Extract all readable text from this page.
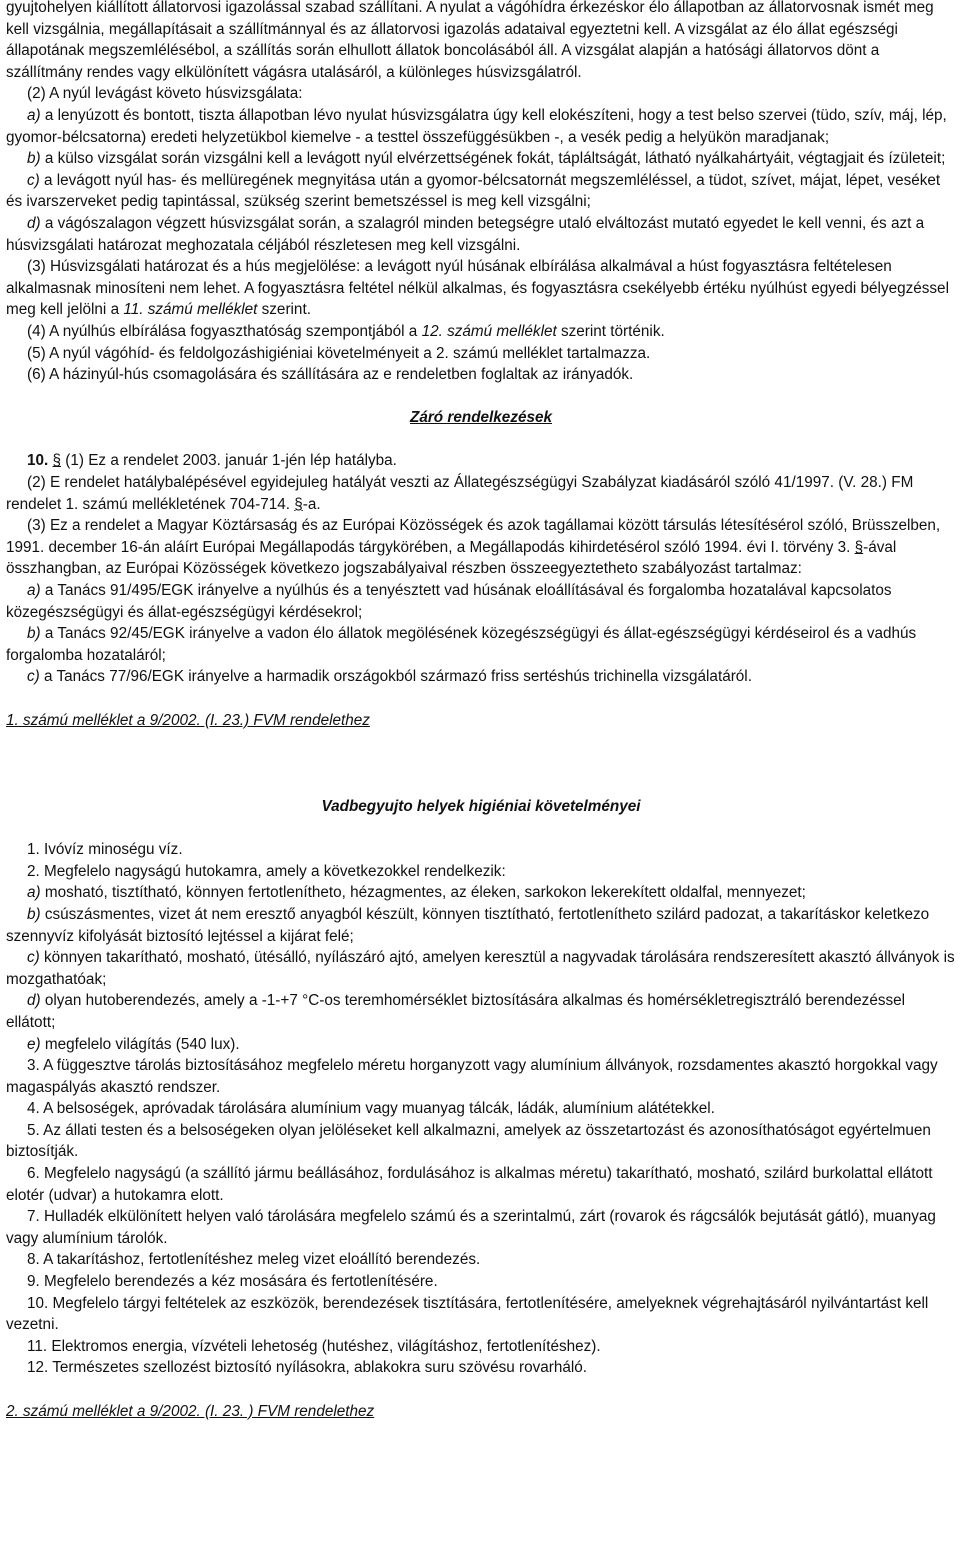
gyujtohelyen kiállított állatorvosi igazolással szabad szállítani. A nyulat a vágóhídra érkezéskor élo állapotban az állatorvosnak ismét meg kell vizsgálnia, megállapításait a szállítmánnyal és az állatorvosi igazolás adataival egyeztetni kell. A vizsgálat az élo állat egészségi állapotának megszemlélésébol, a szállítás során elhullott állatok boncolásából áll. A vizsgálat alapján a hatósági állatorvos dönt a szállítmány rendes vagy elkülönített vágásra utalásáról, a különleges húsvizsgálatról.

(2) A nyúl levágást követo húsvizsgálata:

a) a lenyúzott és bontott, tiszta állapotban lévo nyulat húsvizsgálatra úgy kell elokészíteni, hogy a test belso szervei (tüdo, szív, máj, lép, gyomor-bélcsatorna) eredeti helyzetükbol kiemelve - a testtel összefüggésükben -, a vesék pedig a helyükön maradjanak;

b) a külso vizsgálat során vizsgálni kell a levágott nyúl elvérzettségének fokát, tápláltságát, látható nyálkahártyáit, végtagjait és ízületeit;

c) a levágott nyúl has- és mellüregének megnyitása után a gyomor-bélcsatornát megszemléléssel, a tüdot, szívet, májat, lépet, veséket és ivarszerveket pedig tapintással, szükség szerint bemetszéssel is meg kell vizsgálni;

d) a vágószalagon végzett húsvizsgálat során, a szalagról minden betegségre utaló elváltozást mutató egyedet le kell venni, és azt a húsvizsgálati határozat meghozatala céljából részletesen meg kell vizsgálni.

(3) Húsvizsgálati határozat és a hús megjelölése: a levágott nyúl húsának elbírálása alkalmával a húst fogyasztásra feltételesen alkalmasnak minosíteni nem lehet. A fogyasztásra feltétel nélkül alkalmas, és fogyasztásra csekélyebb értéku nyúlhúst egyedi bélyegzéssel meg kell jelölni a 11. számú melléklet szerint.

(4) A nyúlhús elbírálása fogyaszthatóság szempontjából a 12. számú melléklet szerint történik.

(5) A nyúl vágóhíd- és feldolgozáshigiéniai követelményeit a 2. számú melléklet tartalmazza.

(6) A házinyúl-hús csomagolására és szállítására az e rendeletben foglaltak az irányadók.

Záró rendelkezések

10. § (1) Ez a rendelet 2003. január 1-jén lép hatályba.

(2) E rendelet hatálybalépésével egyidejuleg hatályát veszti az Állategészségügyi Szabályzat kiadásáról szóló 41/1997. (V. 28.) FM rendelet 1. számú mellékletének 704-714. §-a.

(3) Ez a rendelet a Magyar Köztársaság és az Európai Közösségek és azok tagállamai között társulás létesítésérol szóló, Brüsszelben, 1991. december 16-án aláírt Európai Megállapodás tárgykörében, a Megállapodás kihirdetésérol szóló 1994. évi I. törvény 3. §-ával összhangban, az Európai Közösségek következo jogszabályaival részben összeegyeztetheto szabályozást tartalmaz:

a) a Tanács 91/495/EGK irányelve a nyúlhús és a tenyésztett vad húsának eloállításával és forgalomba hozatalával kapcsolatos közegészségügyi és állat-egészségügyi kérdésekrol;

b) a Tanács 92/45/EGK irányelve a vadon élo állatok megölésének közegészségügyi és állat-egészségügyi kérdéseirol és a vadhús forgalomba hozataláról;

c) a Tanács 77/96/EGK irányelve a harmadik országokból származó friss sertéshús trichinella vizsgálatáról.

1. számú melléklet a 9/2002. (I. 23.) FVM rendelethez

Vadbegyujto helyek higiéniai követelményei

1. Ivóvíz minoségu víz.

2. Megfelelo nagyságú hutokamra, amely a következokkel rendelkezik:

a) mosható, tisztítható, könnyen fertotlenítheto, hézagmentes, az éleken, sarkokon lekerekített oldalfal, mennyezet;

b) csúszásmentes, vizet át nem eresztő anyagból készült, könnyen tisztítható, fertotlenítheto szilárd padozat, a takarításkor keletkezo szennyvíz kifolyását biztosító lejtéssel a kijárat felé;

c) könnyen takarítható, mosható, ütésálló, nyílászáró ajtó, amelyen keresztül a nagyvadak tárolására rendszeresített akasztó állványok is mozgathatóak;

d) olyan hutoberendezés, amely a -1-+7 °C-os teremhomérséklet biztosítására alkalmas és homérsékletregisztráló berendezéssel ellátott;

e) megfelelo világítás (540 lux).

3. A függesztve tárolás biztosításához megfelelo méretu horganyzott vagy alumínium állványok, rozsdamentes akasztó horgokkal vagy magaspályás akasztó rendszer.

4. A belsoségek, apróvadak tárolására alumínium vagy muanyag tálcák, ládák, alumínium alátétekkel.

5. Az állati testen és a belsoségeken olyan jelöléseket kell alkalmazni, amelyek az összetartozást és azonosíthatóságot egyértelmuen biztosítják.

6. Megfelelo nagyságú (a szállító jármu beállásához, fordulásához is alkalmas méretu) takarítható, mosható, szilárd burkolattal ellátott elotér (udvar) a hutokamra elott.

7. Hulladék elkülönített helyen való tárolására megfelelo számú és a szerintalmú, zárt (rovarok és rágcsálók bejutását gátló), muanyag vagy alumínium tárolók.

8. A takarításhoz, fertotlenítéshez meleg vizet eloállító berendezés.

9. Megfelelo berendezés a kéz mosására és fertotlenítésére.

10. Megfelelo tárgyi feltételek az eszközök, berendezések tisztítására, fertotlenítésére, amelyeknek végrehajtásáról nyilvántartást kell vezetni.

11. Elektromos energia, vízvételi lehetoség (hutéshez, világításhoz, fertotlenítéshez).

12. Természetes szellozést biztosító nyílásokra, ablakokra suru szövésu rovarháló.

2. számú melléklet a 9/2002. (I. 23. ) FVM rendelethez
